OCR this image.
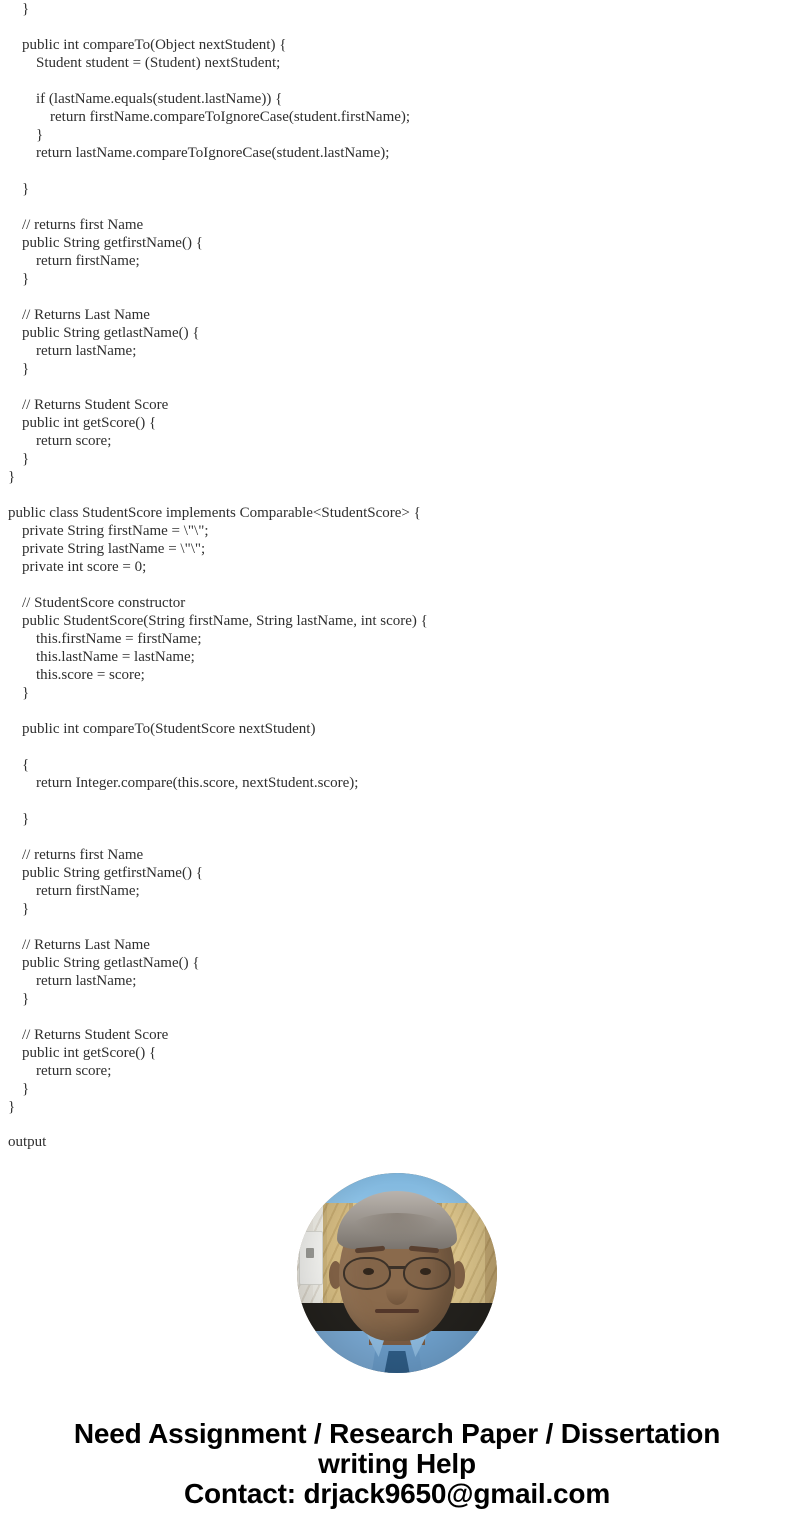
}
public int compareTo(Object nextStudent) {
Student student = (Student) nextStudent;
if (lastName.equals(student.lastName)) {
return firstName.compareToIgnoreCase(student.firstName);
}
return lastName.compareToIgnoreCase(student.lastName);
}
// returns first Name
public String getfirstName() {
return firstName;
}
// Returns Last Name
public String getlastName() {
return lastName;
}
// Returns Student Score
public int getScore() {
return score;
}
}
public class StudentScore implements Comparable<StudentScore> {
private String firstName = \"\";
private String lastName = \"\";
private int score = 0;
// StudentScore constructor
public StudentScore(String firstName, String lastName, int score) {
this.firstName = firstName;
this.lastName = lastName;
this.score = score;
}
public int compareTo(StudentScore nextStudent)
{
return Integer.compare(this.score, nextStudent.score);
}
// returns first Name
public String getfirstName() {
return firstName;
}
// Returns Last Name
public String getlastName() {
return lastName;
}
// Returns Student Score
public int getScore() {
return score;
}
}
output
Need Assignment / Research Paper / Dissertation
writing Help
Contact: drjack9650@gmail.com
